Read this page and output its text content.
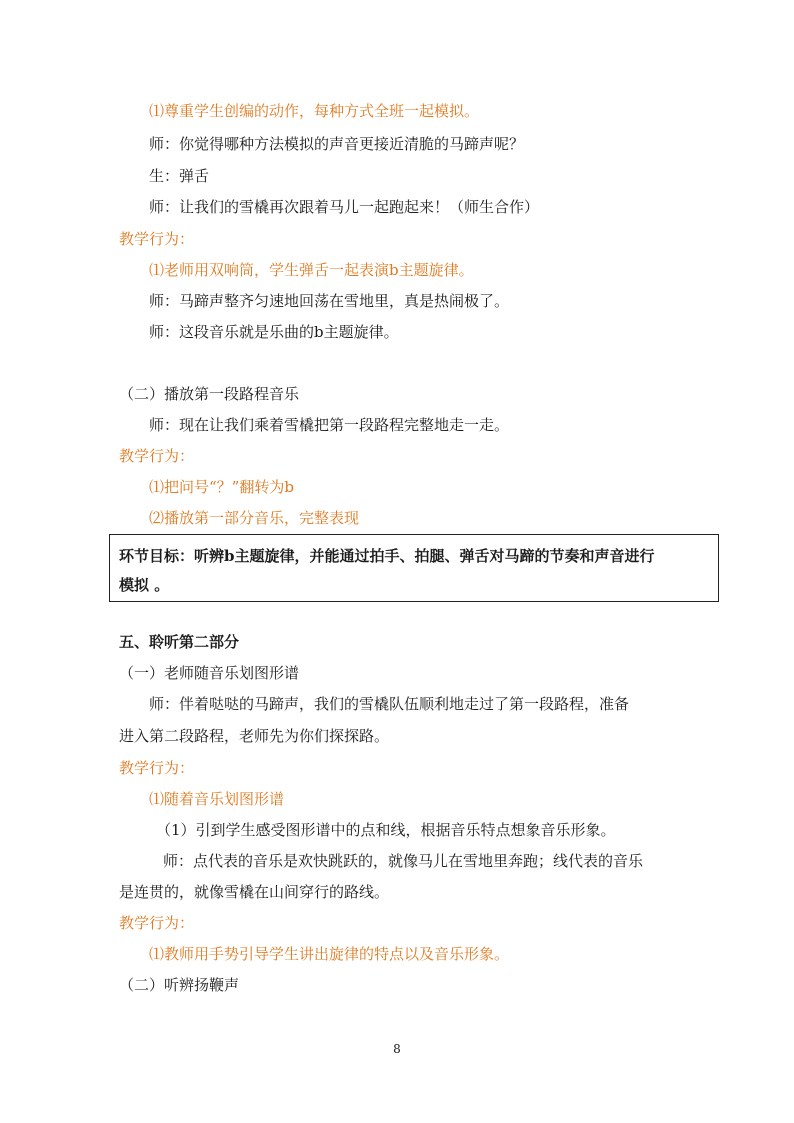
⑴尊重学生创编的动作，每种方式全班一起模拟。
师：你觉得哪种方法模拟的声音更接近清脆的马蹄声呢？
生：弹舌
师：让我们的雪橇再次跟着马儿一起跑起来！（师生合作）
教学行为：
⑴老师用双响筒，学生弹舌一起表演b主题旋律。
师：马蹄声整齐匀速地回荡在雪地里，真是热闹极了。
师：这段音乐就是乐曲的b主题旋律。
（二）播放第一段路程音乐
师：现在让我们乘着雪橇把第一段路程完整地走一走。
教学行为：
⑴把问号“？”翻转为b
⑵播放第一部分音乐，完整表现
环节目标：听辨b主题旋律，并能通过拍手、拍腿、弹舌对马蹄的节奏和声音进行
模拟 。
五、聆听第二部分
（一）老师随音乐划图形谱
师：伴着哒哒的马蹄声，我们的雪橇队伍顺利地走过了第一段路程，准备
进入第二段路程，老师先为你们探探路。
教学行为：
⑴随着音乐划图形谱
（1）引到学生感受图形谱中的点和线，根据音乐特点想象音乐形象。
师：点代表的音乐是欢快跳跃的，就像马儿在雪地里奔跑；线代表的音乐
是连贯的，就像雪橇在山间穿行的路线。
教学行为：
⑴教师用手势引导学生讲出旋律的特点以及音乐形象。
（二）听辨扬鞭声
8
